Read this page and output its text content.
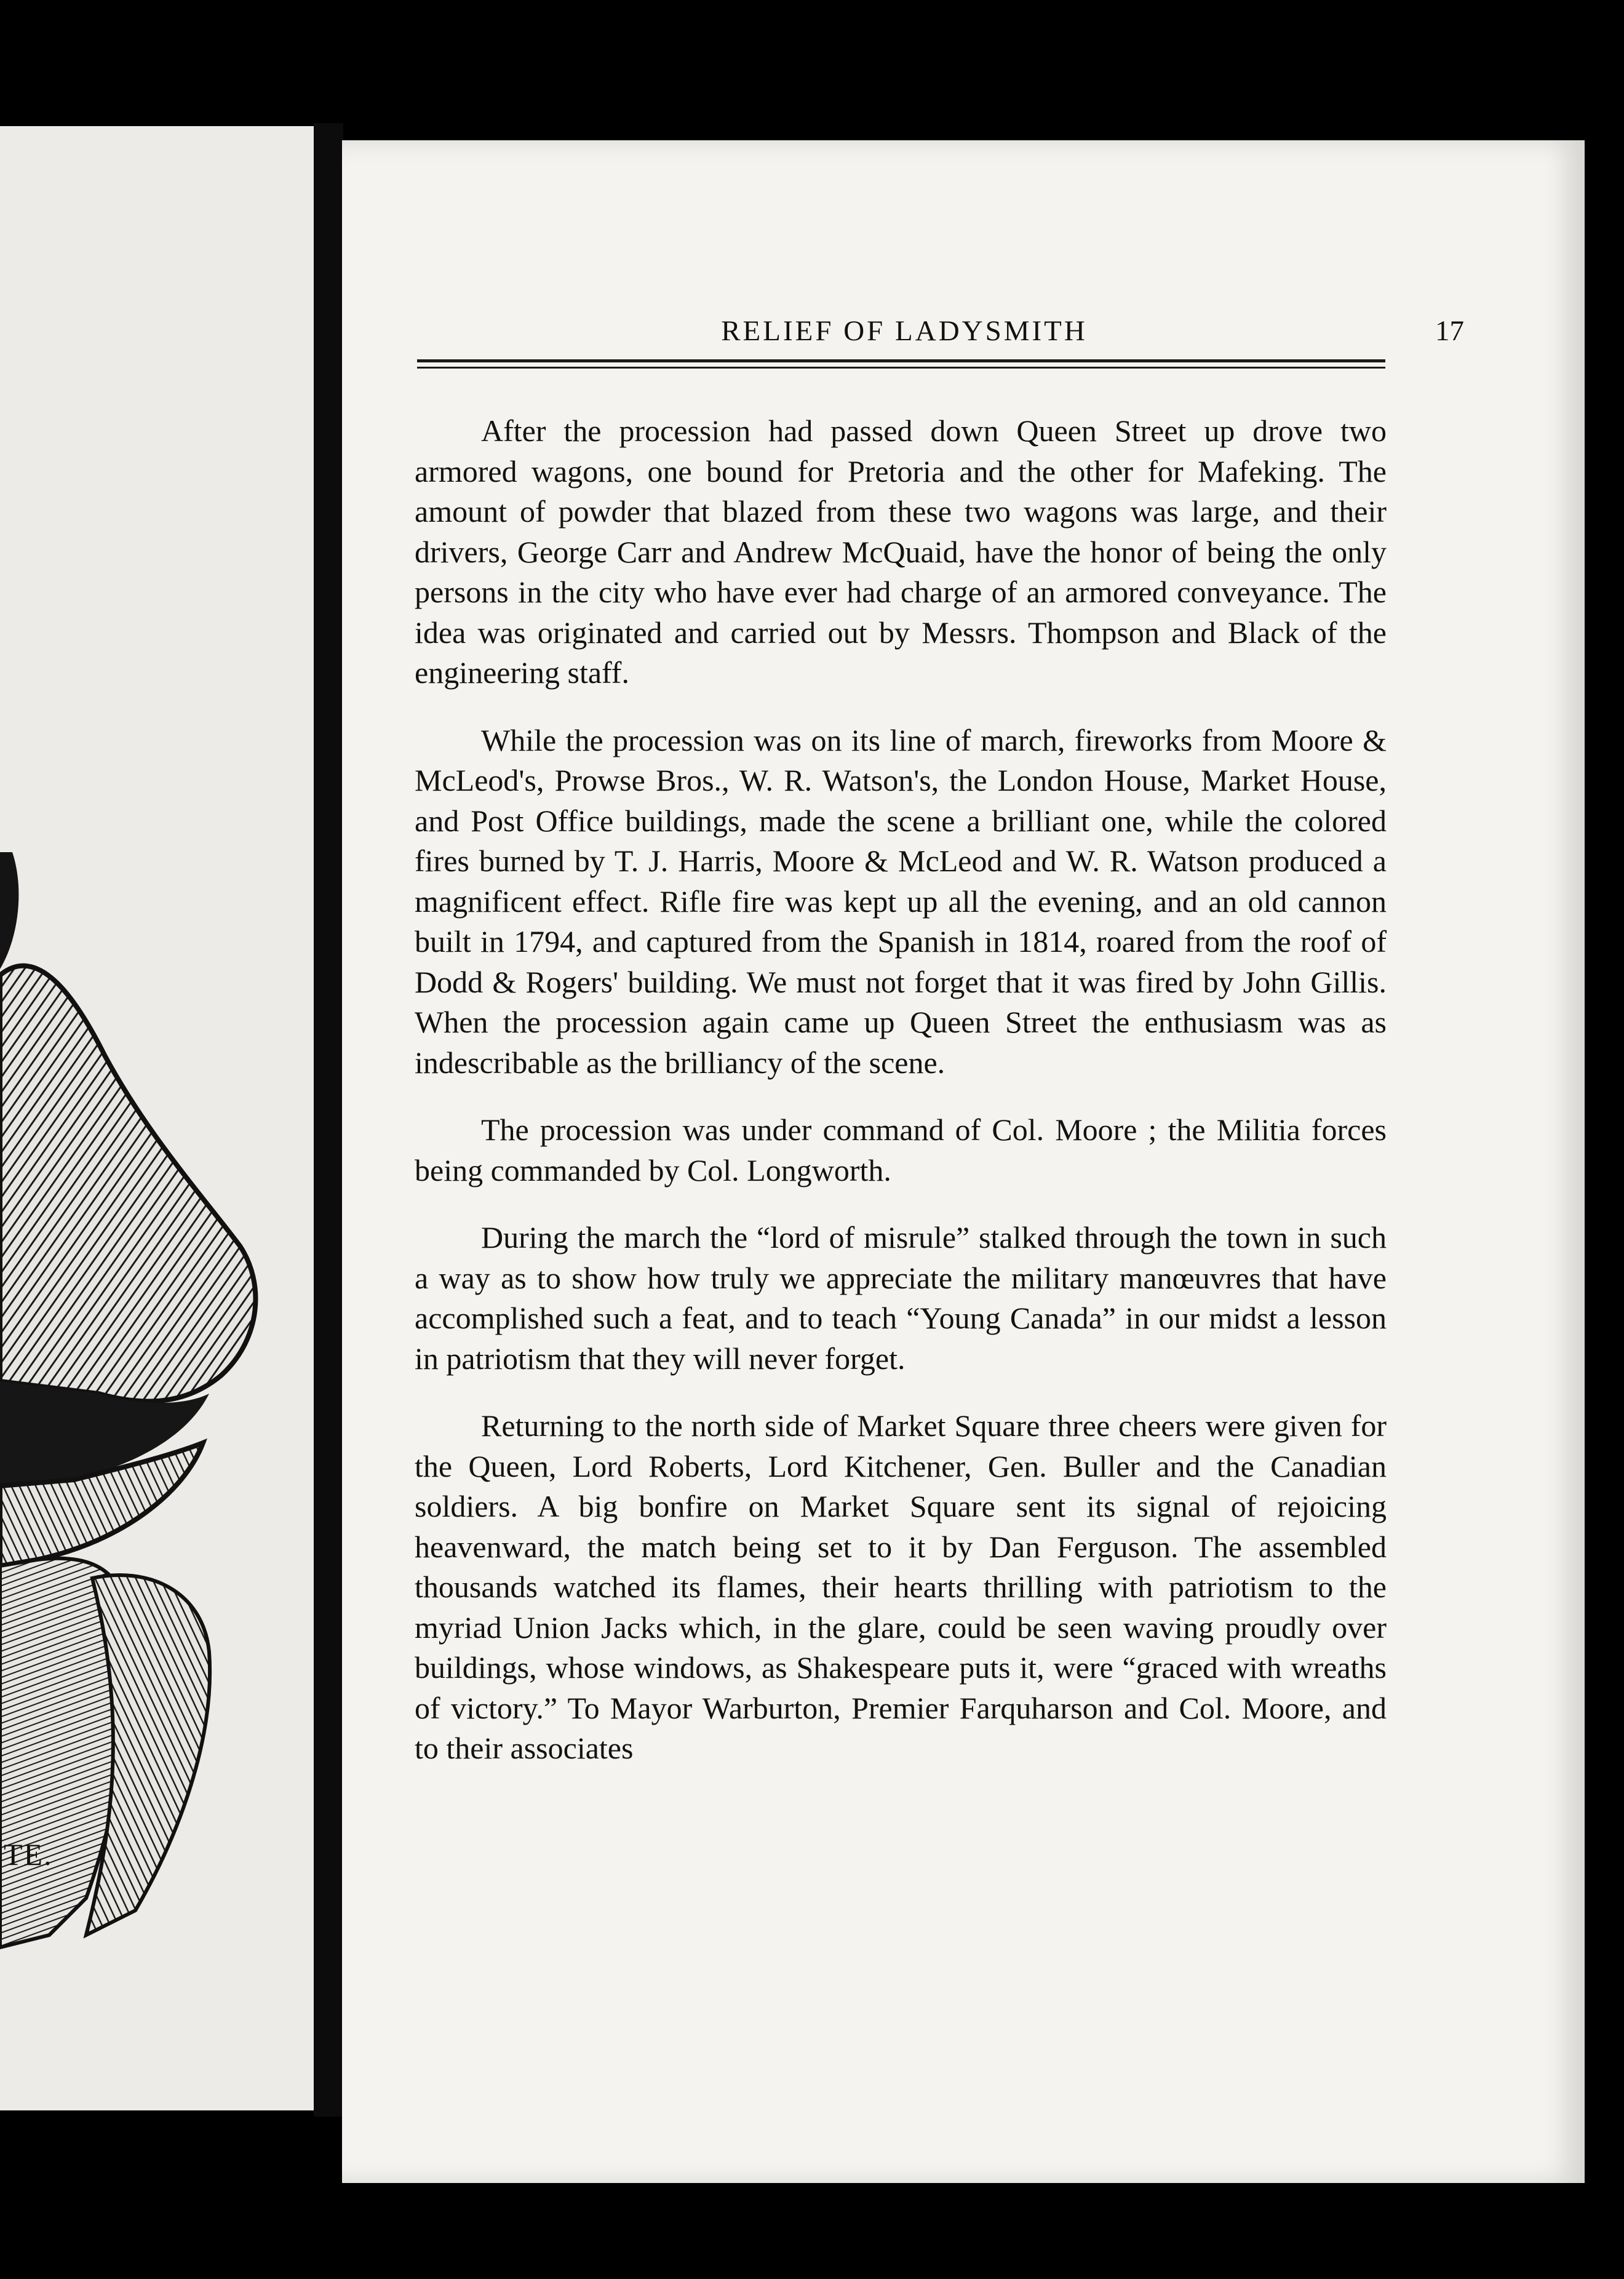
TE.
RELIEF OF LADYSMITH	17

After the procession had passed down Queen Street up drove two armored wagons, one bound for Pretoria and the other for Mafeking. The amount of powder that blazed from these two wagons was large, and their drivers, George Carr and Andrew McQuaid, have the honor of being the only persons in the city who have ever had charge of an armored conveyance. The idea was originated and carried out by Messrs. Thompson and Black of the engineering staff.

While the procession was on its line of march, fireworks from Moore & McLeod's, Prowse Bros., W. R. Watson's, the London House, Market House, and Post Office buildings, made the scene a brilliant one, while the colored fires burned by T. J. Harris, Moore & McLeod and W. R. Watson produced a magnificent effect. Rifle fire was kept up all the evening, and an old cannon built in 1794, and captured from the Spanish in 1814, roared from the roof of Dodd & Rogers' building. We must not forget that it was fired by John Gillis. When the procession again came up Queen Street the enthusiasm was as indescribable as the brilliancy of the scene.

The procession was under command of Col. Moore ; the Militia forces being commanded by Col. Longworth.

During the march the “lord of misrule” stalked through the town in such a way as to show how truly we appreciate the military manœuvres that have accomplished such a feat, and to teach “Young Canada” in our midst a lesson in patriotism that they will never forget.

Returning to the north side of Market Square three cheers were given for the Queen, Lord Roberts, Lord Kitchener, Gen. Buller and the Canadian soldiers. A big bonfire on Market Square sent its signal of rejoicing heavenward, the match being set to it by Dan Ferguson. The assembled thousands watched its flames, their hearts thrilling with patriotism to the myriad Union Jacks which, in the glare, could be seen waving proudly over buildings, whose windows, as Shakespeare puts it, were “graced with wreaths of victory.” To Mayor Warburton, Premier Farquharson and Col. Moore, and to their associates
